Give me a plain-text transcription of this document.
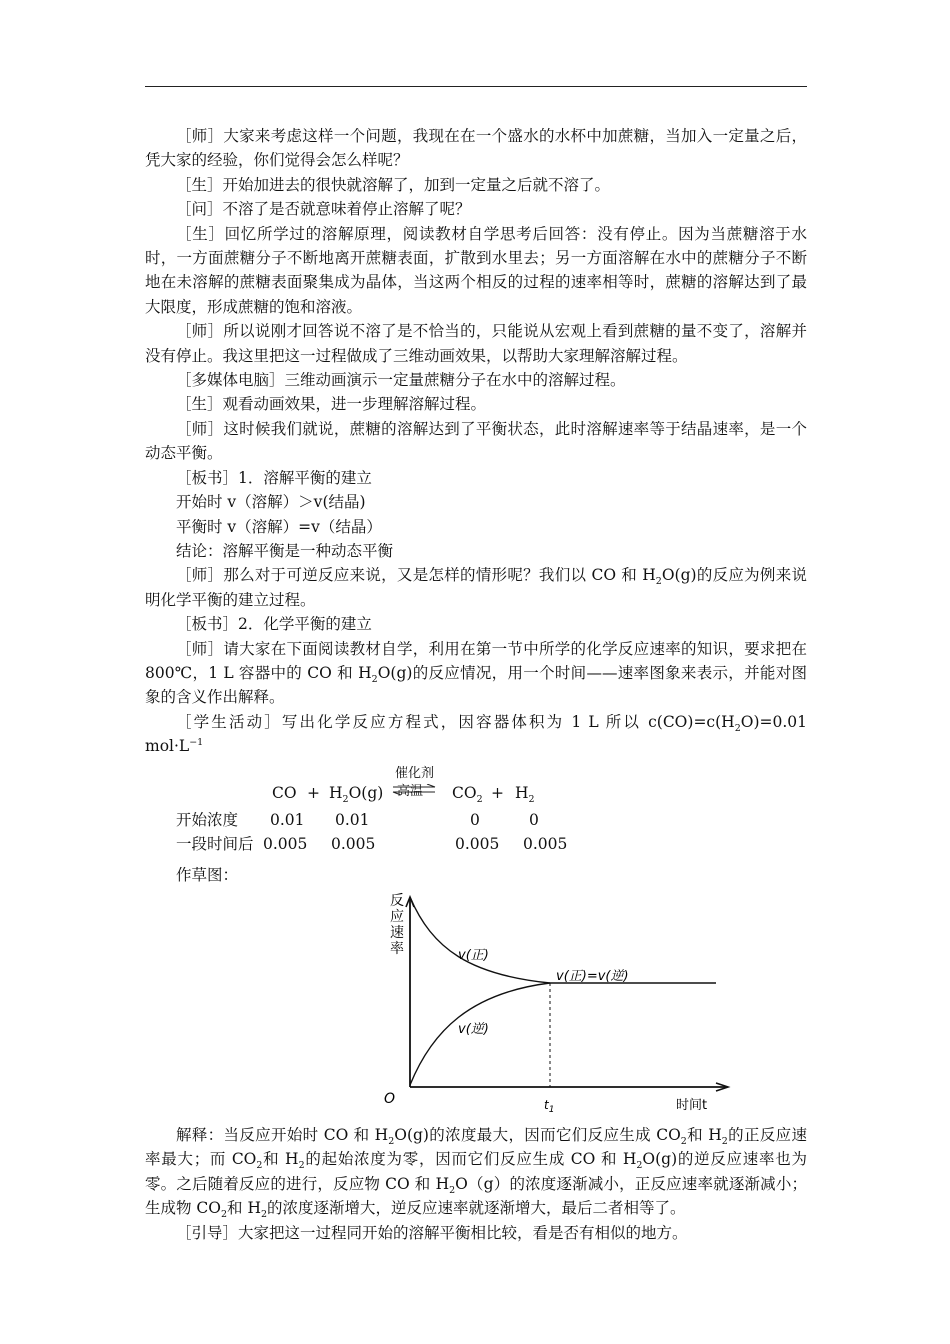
［师］大家来考虑这样一个问题，我现在在一个盛水的水杯中加蔗糖，当加入一定量之后，凭大家的经验，你们觉得会怎么样呢？

［生］开始加进去的很快就溶解了，加到一定量之后就不溶了。

［问］不溶了是否就意味着停止溶解了呢？

［生］回忆所学过的溶解原理，阅读教材自学思考后回答：没有停止。因为当蔗糖溶于水时，一方面蔗糖分子不断地离开蔗糖表面，扩散到水里去；另一方面溶解在水中的蔗糖分子不断地在未溶解的蔗糖表面聚集成为晶体，当这两个相反的过程的速率相等时，蔗糖的溶解达到了最大限度，形成蔗糖的饱和溶液。

［师］所以说刚才回答说不溶了是不恰当的，只能说从宏观上看到蔗糖的量不变了，溶解并没有停止。我这里把这一过程做成了三维动画效果，以帮助大家理解溶解过程。

［多媒体电脑］三维动画演示一定量蔗糖分子在水中的溶解过程。

［生］观看动画效果，进一步理解溶解过程。

［师］这时候我们就说，蔗糖的溶解达到了平衡状态，此时溶解速率等于结晶速率，是一个动态平衡。

［板书］1．溶解平衡的建立

开始时 v（溶解）＞v(结晶)

平衡时 v（溶解）=v（结晶）

结论：溶解平衡是一种动态平衡

［师］那么对于可逆反应来说，又是怎样的情形呢？我们以 CO 和 $H_2O(g)$的反应为例来说明化学平衡的建立过程。

［板书］2．化学平衡的建立

［师］请大家在下面阅读教材自学，利用在第一节中所学的化学反应速率的知识，要求把在 800℃，1 L 容器中的 CO 和 $H_2O(g)$的反应情况，用一个时间——速率图象来表示，并能对图象的含义作出解释。

［学生活动］写出化学反应方程式，因容器体积为 1 L 所以 $c(CO)=c(H_2O)=0.01$ $mol\cdot L^{-1}$

催化剂
高温
CO + $H_2O(g)$	$CO_2 + H_2$
开始浓度 0.01 0.01	0	0
一段时间后 0.005 0.005	0.005 0.005

作草图：

反
应
速
率	v(正)
v(逆)
v(正)=v(逆)
O	$t_1$	时间t

解释：当反应开始时 CO 和 $H_2O(g)$的浓度最大，因而它们反应生成 $CO_2$和 $H_2$的正反应速率最大；而 $CO_2$和 $H_2$的起始浓度为零，因而它们反应生成 CO 和 $H_2O(g)$的逆反应速率也为零。之后随着反应的进行，反应物 CO 和 $H_2O(g)$的浓度逐渐减小，正反应速率就逐渐减小；生成物 $CO_2$和 $H_2$的浓度逐渐增大，逆反应速率就逐渐增大，最后二者相等了。

［引导］大家把这一过程同开始的溶解平衡相比较，看是否有相似的地方。
